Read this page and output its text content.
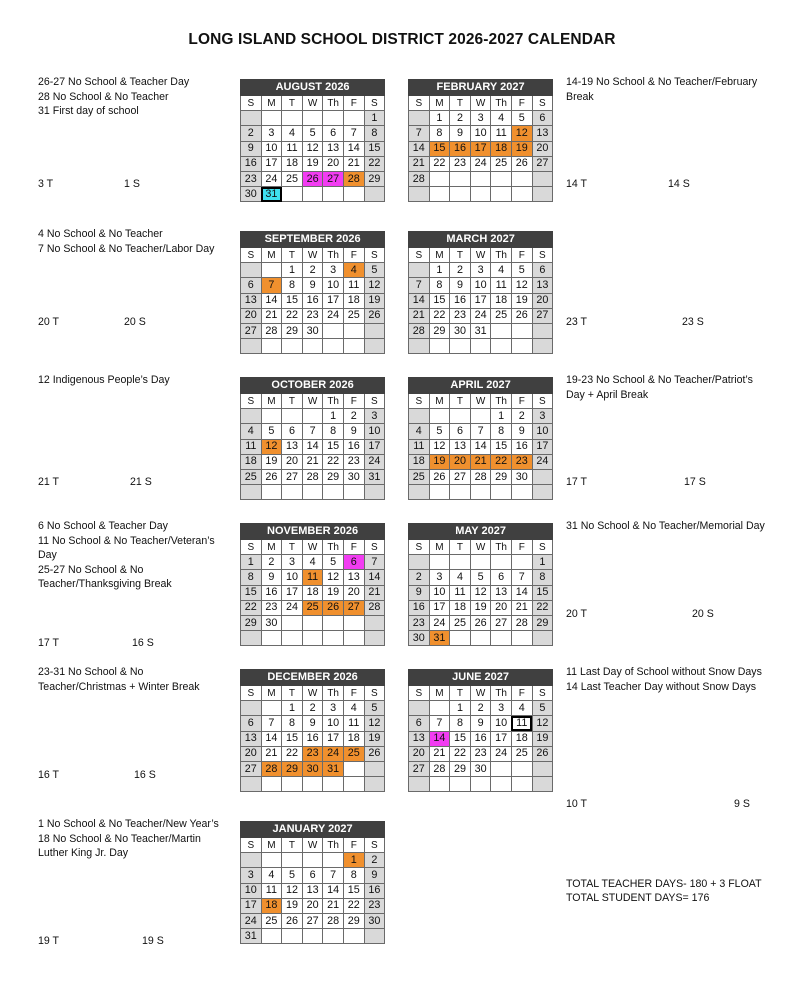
LONG ISLAND SCHOOL DISTRICT 2026-2027 CALENDAR
AUGUST 2026						
S	M	T	W	Th	F	S
						1
2	3	4	5	6	7	8
9	10	11	12	13	14	15
16	17	18	19	20	21	22
23	24	25	26	27	28	29
30	31					
SEPTEMBER 2026						
S	M	T	W	Th	F	S
		1	2	3	4	5
6	7	8	9	10	11	12
13	14	15	16	17	18	19
20	21	22	23	24	25	26
27	28	29	30			

OCTOBER 2026						
S	M	T	W	Th	F	S
				1	2	3
4	5	6	7	8	9	10
11	12	13	14	15	16	17
18	19	20	21	22	23	24
25	26	27	28	29	30	31

NOVEMBER 2026						
S	M	T	W	Th	F	S
1	2	3	4	5	6	7
8	9	10	11	12	13	14
15	16	17	18	19	20	21
22	23	24	25	26	27	28
29	30					

DECEMBER 2026						
S	M	T	W	Th	F	S
		1	2	3	4	5
6	7	8	9	10	11	12
13	14	15	16	17	18	19
20	21	22	23	24	25	26
27	28	29	30	31		

JANUARY 2027						
S	M	T	W	Th	F	S
					1	2
3	4	5	6	7	8	9
10	11	12	13	14	15	16
17	18	19	20	21	22	23
24	25	26	27	28	29	30
31						
FEBRUARY 2027						
S	M	T	W	Th	F	S
	1	2	3	4	5	6
7	8	9	10	11	12	13
14	15	16	17	18	19	20
21	22	23	24	25	26	27
28						

MARCH 2027						
S	M	T	W	Th	F	S
	1	2	3	4	5	6
7	8	9	10	11	12	13
14	15	16	17	18	19	20
21	22	23	24	25	26	27
28	29	30	31			

APRIL 2027						
S	M	T	W	Th	F	S
				1	2	3
4	5	6	7	8	9	10
11	12	13	14	15	16	17
18	19	20	21	22	23	24
25	26	27	28	29	30	

MAY 2027						
S	M	T	W	Th	F	S
						1
2	3	4	5	6	7	8
9	10	11	12	13	14	15
16	17	18	19	20	21	22
23	24	25	26	27	28	29
30	31					
JUNE 2027						
S	M	T	W	Th	F	S
		1	2	3	4	5
6	7	8	9	10	11	12
13	14	15	16	17	18	19
20	21	22	23	24	25	26
27	28	29	30			

26-27 No School & Teacher Day
28 No School & No Teacher
31 First day of school
3 T	1 S
4 No School & No Teacher
7 No School & No Teacher/Labor Day
20 T	20 S
12 Indigenous People’s Day
21 T	21 S
6 No School & Teacher Day
11 No School & No Teacher/Veteran’s Day
25-27 No School & No Teacher/Thanksgiving Break
17 T	16 S
23-31 No School & No Teacher/Christmas + Winter Break
16 T	16 S
1 No School & No Teacher/New Year’s
18 No School & No Teacher/Martin Luther King Jr. Day
19 T	19 S
14-19 No School & No Teacher/February Break
14 T	14 S
23 T	23 S
19-23 No School & No Teacher/Patriot’s Day + April Break
17 T	17 S
31 No School & No Teacher/Memorial Day
20 T	20 S
11 Last Day of School without Snow Days
14 Last Teacher Day without Snow Days
10 T	9 S
TOTAL TEACHER DAYS- 180 + 3 FLOAT
TOTAL STUDENT DAYS= 176
